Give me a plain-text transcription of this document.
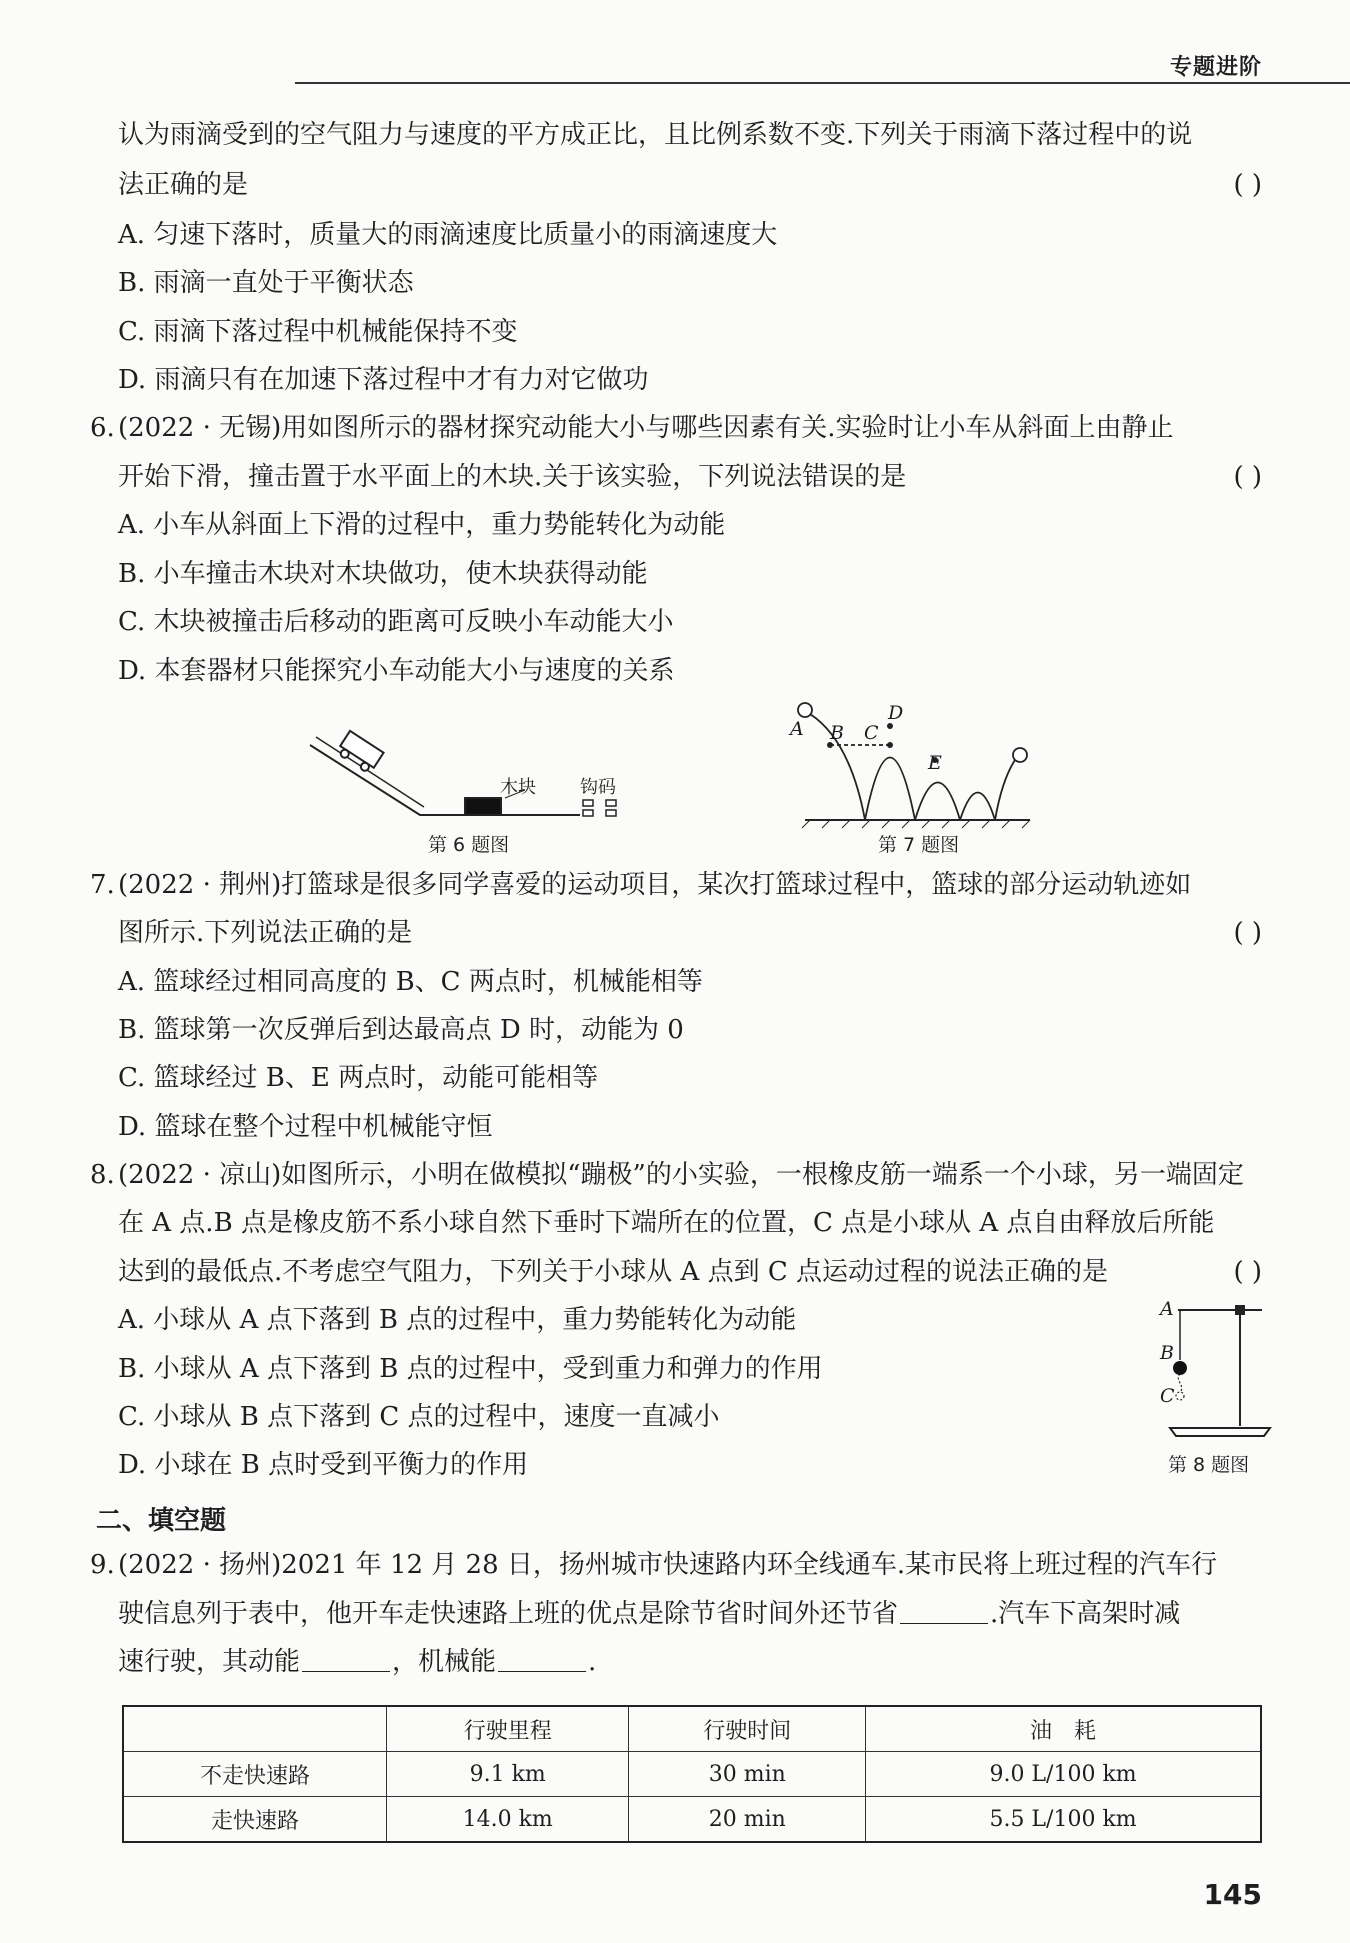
专题进阶
认为雨滴受到的空气阻力与速度的平方成正比，且比例系数不变.下列关于雨滴下落过程中的说
法正确的是	( )
A. 匀速下落时，质量大的雨滴速度比质量小的雨滴速度大
B. 雨滴一直处于平衡状态
C. 雨滴下落过程中机械能保持不变
D. 雨滴只有在加速下落过程中才有力对它做功
6. (2022 · 无锡)用如图所示的器材探究动能大小与哪些因素有关.实验时让小车从斜面上由静止
开始下滑，撞击置于水平面上的木块.关于该实验，下列说法错误的是	( )
A. 小车从斜面上下滑的过程中，重力势能转化为动能
B. 小车撞击木块对木块做功，使木块获得动能
C. 木块被撞击后移动的距离可反映小车动能大小
D. 本套器材只能探究小车动能大小与速度的关系
木块 钩码
第 6 题图
A B C
D
E
第 7 题图
7. (2022 · 荆州)打篮球是很多同学喜爱的运动项目，某次打篮球过程中，篮球的部分运动轨迹如
图所示.下列说法正确的是	( )
A. 篮球经过相同高度的 B、C 两点时，机械能相等
B. 篮球第一次反弹后到达最高点 D 时，动能为 0
C. 篮球经过 B、E 两点时，动能可能相等
D. 篮球在整个过程中机械能守恒
8. (2022 · 凉山)如图所示，小明在做模拟“蹦极”的小实验，一根橡皮筋一端系一个小球，另一端固定
在 A 点.B 点是橡皮筋不系小球自然下垂时下端所在的位置，C 点是小球从 A 点自由释放后所能
达到的最低点.不考虑空气阻力，下列关于小球从 A 点到 C 点运动过程的说法正确的是	( )
A. 小球从 A 点下落到 B 点的过程中，重力势能转化为动能
B. 小球从 A 点下落到 B 点的过程中，受到重力和弹力的作用
C. 小球从 B 点下落到 C 点的过程中，速度一直减小
D. 小球在 B 点时受到平衡力的作用
A
B
C
第 8 题图
二、填空题
9. (2022 · 扬州)2021 年 12 月 28 日，扬州城市快速路内环全线通车.某市民将上班过程的汽车行
驶信息列于表中，他开车走快速路上班的优点是除节省时间外还节省	.汽车下高架时减
速行驶，其动能	，机械能	.
	行驶里程	行驶时间	油　耗
不走快速路	9.1 km	30 min	9.0 L/100 km
走快速路	14.0 km	20 min	5.5 L/100 km
145
